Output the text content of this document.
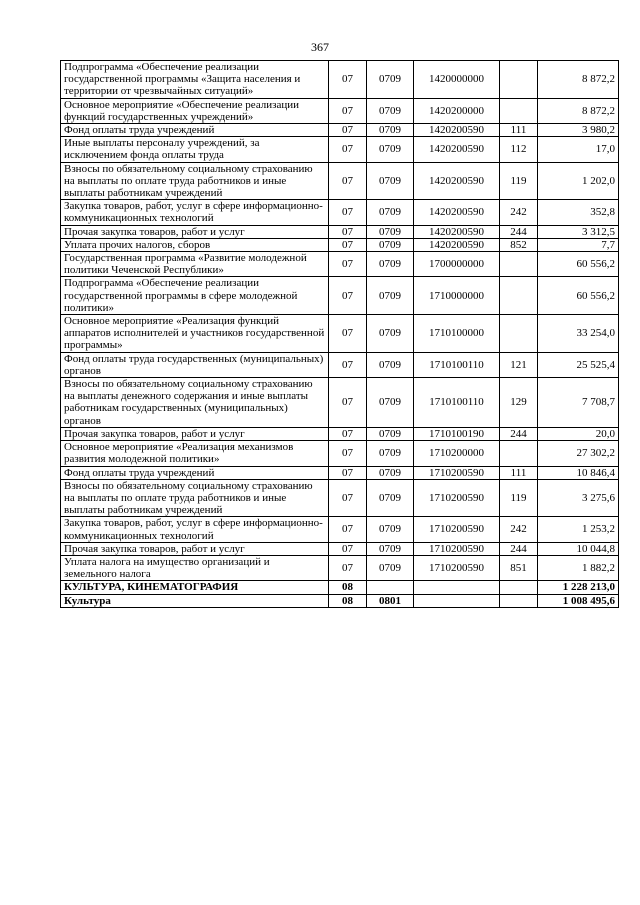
367
Подпрограмма «Обеспечение реализации государственной программы «Защита населения и территории от чрезвычайных ситуаций»	07	0709	1420000000		8 872,2
Основное мероприятие «Обеспечение реализации функций государственных учреждений»	07	0709	1420200000		8 872,2
Фонд оплаты труда учреждений	07	0709	1420200590	111	3 980,2
Иные выплаты персоналу учреждений, за исключением фонда оплаты труда	07	0709	1420200590	112	17,0
Взносы по обязательному социальному страхованию на выплаты по оплате труда работников и иные выплаты работникам учреждений	07	0709	1420200590	119	1 202,0
Закупка товаров, работ, услуг в сфере информационно-коммуникационных технологий	07	0709	1420200590	242	352,8
Прочая закупка товаров, работ и услуг	07	0709	1420200590	244	3 312,5
Уплата прочих налогов, сборов	07	0709	1420200590	852	7,7
Государственная программа «Развитие молодежной политики Чеченской Республики»	07	0709	1700000000		60 556,2
Подпрограмма «Обеспечение реализации государственной программы в сфере молодежной политики»	07	0709	1710000000		60 556,2
Основное мероприятие «Реализация функций аппаратов исполнителей и участников государственной программы»	07	0709	1710100000		33 254,0
Фонд оплаты труда государственных (муниципальных) органов	07	0709	1710100110	121	25 525,4
Взносы по обязательному социальному страхованию на выплаты денежного содержания и иные выплаты работникам государственных (муниципальных) органов	07	0709	1710100110	129	7 708,7
Прочая закупка товаров, работ и услуг	07	0709	1710100190	244	20,0
Основное мероприятие «Реализация механизмов развития молодежной политики»	07	0709	1710200000		27 302,2
Фонд оплаты труда учреждений	07	0709	1710200590	111	10 846,4
Взносы по обязательному социальному страхованию на выплаты по оплате труда работников и иные выплаты работникам учреждений	07	0709	1710200590	119	3 275,6
Закупка товаров, работ, услуг в сфере информационно-коммуникационных технологий	07	0709	1710200590	242	1 253,2
Прочая закупка товаров, работ и услуг	07	0709	1710200590	244	10 044,8
Уплата налога на имущество организаций и земельного налога	07	0709	1710200590	851	1 882,2
КУЛЬТУРА, КИНЕМАТОГРАФИЯ	08				1 228 213,0
Культура	08	0801			1 008 495,6
